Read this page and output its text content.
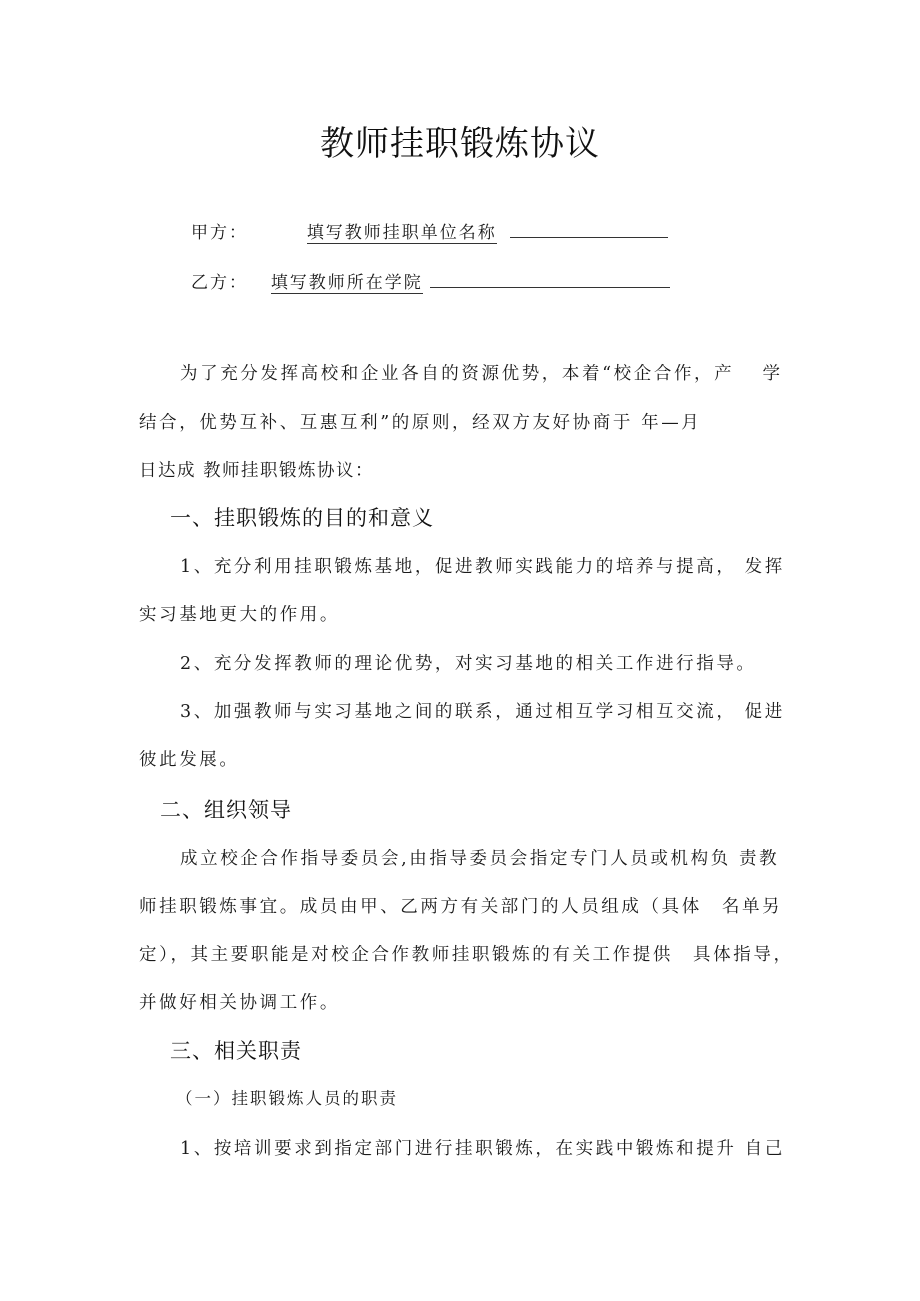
教师挂职锻炼协议
甲方：	填写教师挂职单位名称
乙方： 填写教师所在学院
为了充分发挥高校和企业各自的资源优势，本着“校企合作，产　 学
结合，优势互补、互惠互利”的原则，经双方友好协商于 年—月
日达成 教师挂职锻炼协议：
一、挂职锻炼的目的和意义
1、充分利用挂职锻炼基地，促进教师实践能力的培养与提高， 发挥
实习基地更大的作用。
2、充分发挥教师的理论优势，对实习基地的相关工作进行指导。
3、加强教师与实习基地之间的联系，通过相互学习相互交流， 促进
彼此发展。
二、组织领导
成立校企合作指导委员会,由指导委员会指定专门人员或机构负 责教
师挂职锻炼事宜。成员由甲、乙两方有关部门的人员组成（具体　名单另
定），其主要职能是对校企合作教师挂职锻炼的有关工作提供　具体指导，
并做好相关协调工作。
三、相关职责
（一）挂职锻炼人员的职责
1、按培训要求到指定部门进行挂职锻炼，在实践中锻炼和提升 自己
